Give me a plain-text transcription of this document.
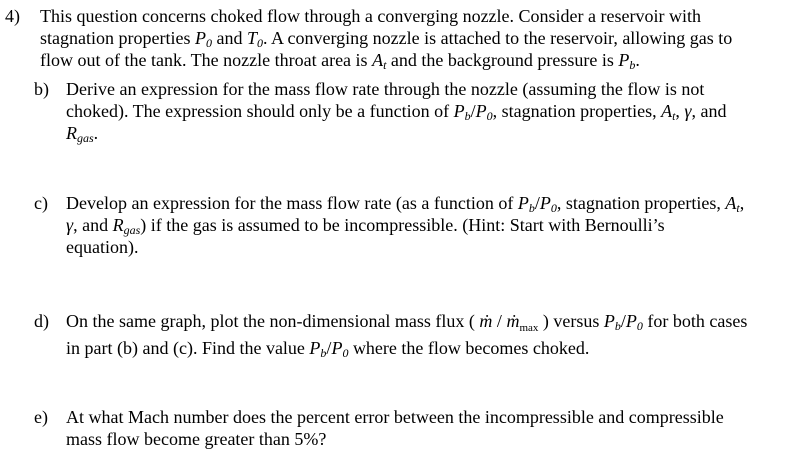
4) This question concerns choked flow through a converging nozzle. Consider a reservoir with
stagnation properties P0 and T0. A converging nozzle is attached to the reservoir, allowing gas to
flow out of the tank. The nozzle throat area is At and the background pressure is Pb.
b) Derive an expression for the mass flow rate through the nozzle (assuming the flow is not
choked). The expression should only be a function of Pb/P0, stagnation properties, At, γ, and
Rgas.
c) Develop an expression for the mass flow rate (as a function of Pb/P0, stagnation properties, At,
γ, and Rgas) if the gas is assumed to be incompressible. (Hint: Start with Bernoulli’s
equation).
d) On the same graph, plot the non-dimensional mass flux ( ṁ / ṁ$_{max}$ ) versus Pb/P0 for both cases
in part (b) and (c). Find the value Pb/P0 where the flow becomes choked.
e) At what Mach number does the percent error between the incompressible and compressible
mass flow become greater than 5%?
